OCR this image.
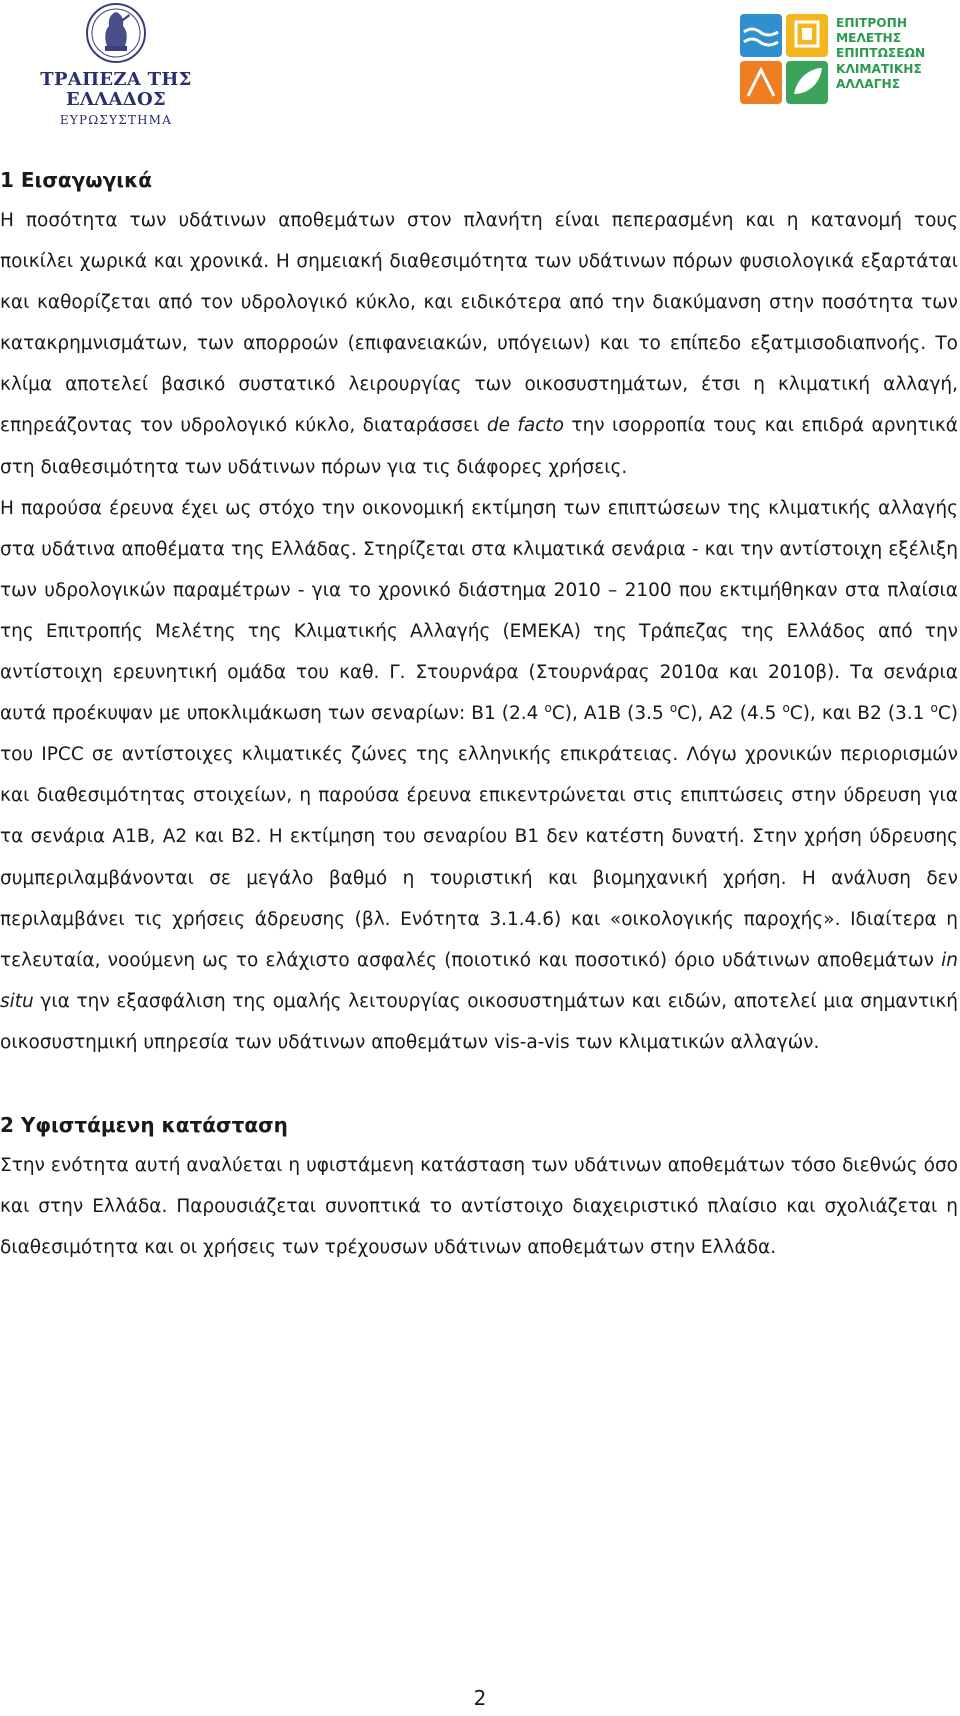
ΤΡΑΠΕΖΑ ΤΗΣ ΕΛΛΑΔΟΣ
ΕΥΡΩΣΥΣΤΗΜΑ
ΕΠΙΤΡΟΠΗ
ΜΕΛΕΤΗΣ
ΕΠΙΠΤΩΣΕΩΝ
ΚΛΙΜΑΤΙΚΗΣ
ΑΛΛΑΓΗΣ
1 Εισαγωγικά

Η ποσότητα των υδάτινων αποθεμάτων στον πλανήτη είναι πεπερασμένη και η κατανομή τους ποικίλει χωρικά και χρονικά. Η σημειακή διαθεσιμότητα των υδάτινων πόρων φυσιολογικά εξαρτάται και καθορίζεται από τον υδρολογικό κύκλο, και ειδικότερα από την διακύμανση στην ποσότητα των κατακρημνισμάτων, των απορροών (επιφανειακών, υπόγειων) και το επίπεδο εξατμισοδιαπνοής. Το κλίμα αποτελεί βασικό συστατικό λειρουργίας των οικοσυστημάτων, έτσι η κλιματική αλλαγή, επηρεάζοντας τον υδρολογικό κύκλο, διαταράσσει de facto την ισορροπία τους και επιδρά αρνητικά στη διαθεσιμότητα των υδάτινων πόρων για τις διάφορες χρήσεις.

Η παρούσα έρευνα έχει ως στόχο την οικονομική εκτίμηση των επιπτώσεων της κλιματικής αλλαγής στα υδάτινα αποθέματα της Ελλάδας. Στηρίζεται στα κλιματικά σενάρια - και την αντίστοιχη εξέλιξη των υδρολογικών παραμέτρων - για το χρονικό διάστημα 2010 – 2100 που εκτιμήθηκαν στα πλαίσια της Επιτροπής Μελέτης της Κλιματικής Αλλαγής (ΕΜΕΚΑ) της Τράπεζας της Ελλάδος από την αντίστοιχη ερευνητική ομάδα του καθ. Γ. Στουρνάρα (Στουρνάρας 2010α και 2010β). Τα σενάρια αυτά προέκυψαν με υποκλιμάκωση των σεναρίων: Β1 (2.4 $^o$C), A1B (3.5 $^o$C), A2 (4.5 $^o$C), και B2 (3.1 $^o$C) του IPCC σε αντίστοιχες κλιματικές ζώνες της ελληνικής επικράτειας. Λόγω χρονικών περιορισμών και διαθεσιμότητας στοιχείων, η παρούσα έρευνα επικεντρώνεται στις επιπτώσεις στην ύδρευση για τα σενάρια Α1Β, Α2 και Β2. Η εκτίμηση του σεναρίου Β1 δεν κατέστη δυνατή. Στην χρήση ύδρευσης συμπεριλαμβάνονται σε μεγάλο βαθμό η τουριστική και βιομηχανική χρήση. Η ανάλυση δεν περιλαμβάνει τις χρήσεις άδρευσης (βλ. Ενότητα 3.1.4.6) και «οικολογικής παροχής». Ιδιαίτερα η τελευταία, νοούμενη ως το ελάχιστο ασφαλές (ποιοτικό και ποσοτικό) όριο υδάτινων αποθεμάτων in situ για την εξασφάλιση της ομαλής λειτουργίας οικοσυστημάτων και ειδών, αποτελεί μια σημαντική οικοσυστημική υπηρεσία των υδάτινων αποθεμάτων vis-a-vis των κλιματικών αλλαγών.

2 Υφιστάμενη κατάσταση

Στην ενότητα αυτή αναλύεται η υφιστάμενη κατάσταση των υδάτινων αποθεμάτων τόσο διεθνώς όσο και στην Ελλάδα. Παρουσιάζεται συνοπτικά το αντίστοιχο διαχειριστικό πλαίσιο και σχολιάζεται η διαθεσιμότητα και οι χρήσεις των τρέχουσων υδάτινων αποθεμάτων στην Ελλάδα.

2
